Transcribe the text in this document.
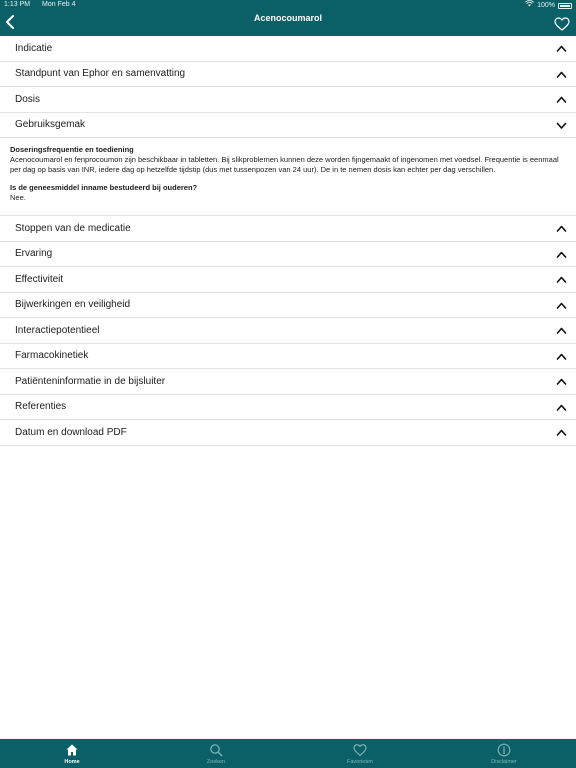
1:13 PM Mon Feb 4	100%
Acenocoumarol
Indicatie
Standpunt van Ephor en samenvatting
Dosis
Gebruiksgemak
Doseringsfrequentie en toediening
Acenocoumarol en fenprocoumon zijn beschikbaar in tabletten. Bij slikproblemen kunnen deze worden fijngemaakt of ingenomen met voedsel. Frequentie is eenmaal per dag op basis van INR, iedere dag op hetzelfde tijdstip (dus met tussenpozen van 24 uur). De in te nemen dosis kan echter per dag verschillen.
Is de geneesmiddel inname bestudeerd bij ouderen?
Nee.
Stoppen van de medicatie
Ervaring
Effectiviteit
Bijwerkingen en veiligheid
Interactiepotentieel
Farmacokinetiek
Patiënteninformatie in de bijsluiter
Referenties
Datum en download PDF
Home	Zoeken	Favorieten	Disclaimer
